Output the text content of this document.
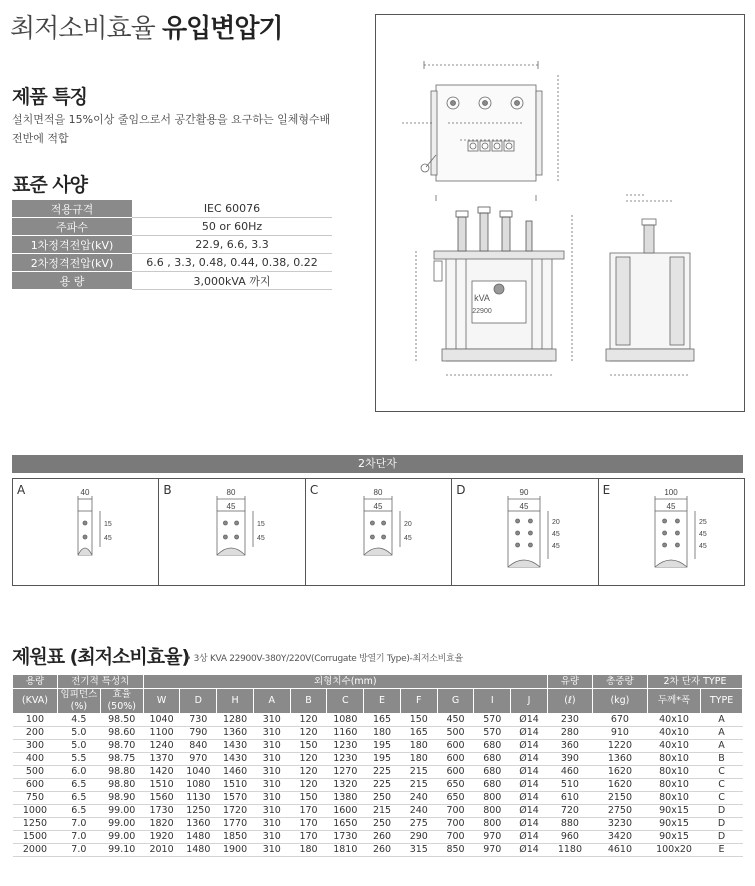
최저소비효율 유입변압기
제품 특징
설치면적을 15%이상 줄임으로서 공간활용을 요구하는 일체형수배전반에 적합
표준 사양
적용규격	IEC 60076
주파수	50 or 60Hz
1차정격전압(kV)	22.9, 6.6, 3.3
2차정격전압(kV)	6.6 , 3.3, 0.48, 0.44, 0.38, 0.22
용 량	3,000kVA 까지
kVA
22900
2차단자
A	40
15
45
B	80
45
15
45
C	80
45
20
45
D	90
45
20
45
45
E	100
45
25
45
45
제원표 (최저소비효율)
• 3상 KVA 22900V-380Y/220V(Corrugate 방열기 Type)-최저소비효율
용량	전기적 특성치		외형치수(mm)											유량	총중량	2차 단자 TYPE	
(KVA)	임피던스(%)	효율(50%)	W	D	H	A	B	C	E	F	G	I	J	(ℓ)	(kg)	두께*폭	TYPE
100	4.5	98.50	1040	730	1280	310	120	1080	165	150	450	570	Ø14	230	670	40x10	A
200	5.0	98.60	1100	790	1360	310	120	1160	180	165	500	570	Ø14	280	910	40x10	A
300	5.0	98.70	1240	840	1430	310	150	1230	195	180	600	680	Ø14	360	1220	40x10	A
400	5.5	98.75	1370	970	1430	310	120	1230	195	180	600	680	Ø14	390	1360	80x10	B
500	6.0	98.80	1420	1040	1460	310	120	1270	225	215	600	680	Ø14	460	1620	80x10	C
600	6.5	98.80	1510	1080	1510	310	120	1320	225	215	650	680	Ø14	510	1620	80x10	C
750	6.5	98.90	1560	1130	1570	310	150	1380	250	240	650	800	Ø14	610	2150	80x10	C
1000	6.5	99.00	1730	1250	1720	310	170	1600	215	240	700	800	Ø14	720	2750	90x15	D
1250	7.0	99.00	1820	1360	1770	310	170	1650	250	275	700	800	Ø14	880	3230	90x15	D
1500	7.0	99.00	1920	1480	1850	310	170	1730	260	290	700	970	Ø14	960	3420	90x15	D
2000	7.0	99.10	2010	1480	1900	310	180	1810	260	315	850	970	Ø14	1180	4610	100x20	E
